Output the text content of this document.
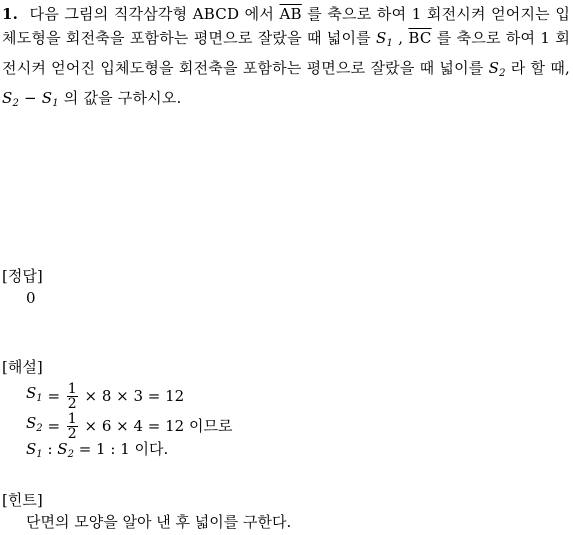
1. 다음 그림의 직각삼각형 ABCD 에서 $\overline{AB}$ 를 축으로 하여 1 회전시켜 얻어지는 입체도형을 회전축을 포함하는 평면으로 잘랐을 때 넓이를 $S_1$ , $\overline{BC}$ 를 축으로 하여 1 회전시켜 얻어진 입체도형을 회전축을 포함하는 평면으로 잘랐을 때 넓이를 $S_2$ 라 할 때, $S_2 - S_1$ 의 값을 구하시오.
[정답]
0
[해설]
$S_1 = \frac{1}{2} \times 8 \times 3 = 12$
$S_2 = \frac{1}{2} \times 6 \times 4 = 12$ 이므로
$S_1$ : $S_2 = 1$ : 1 이다.
[힌트]
단면의 모양을 알아 낸 후 넓이를 구한다.
